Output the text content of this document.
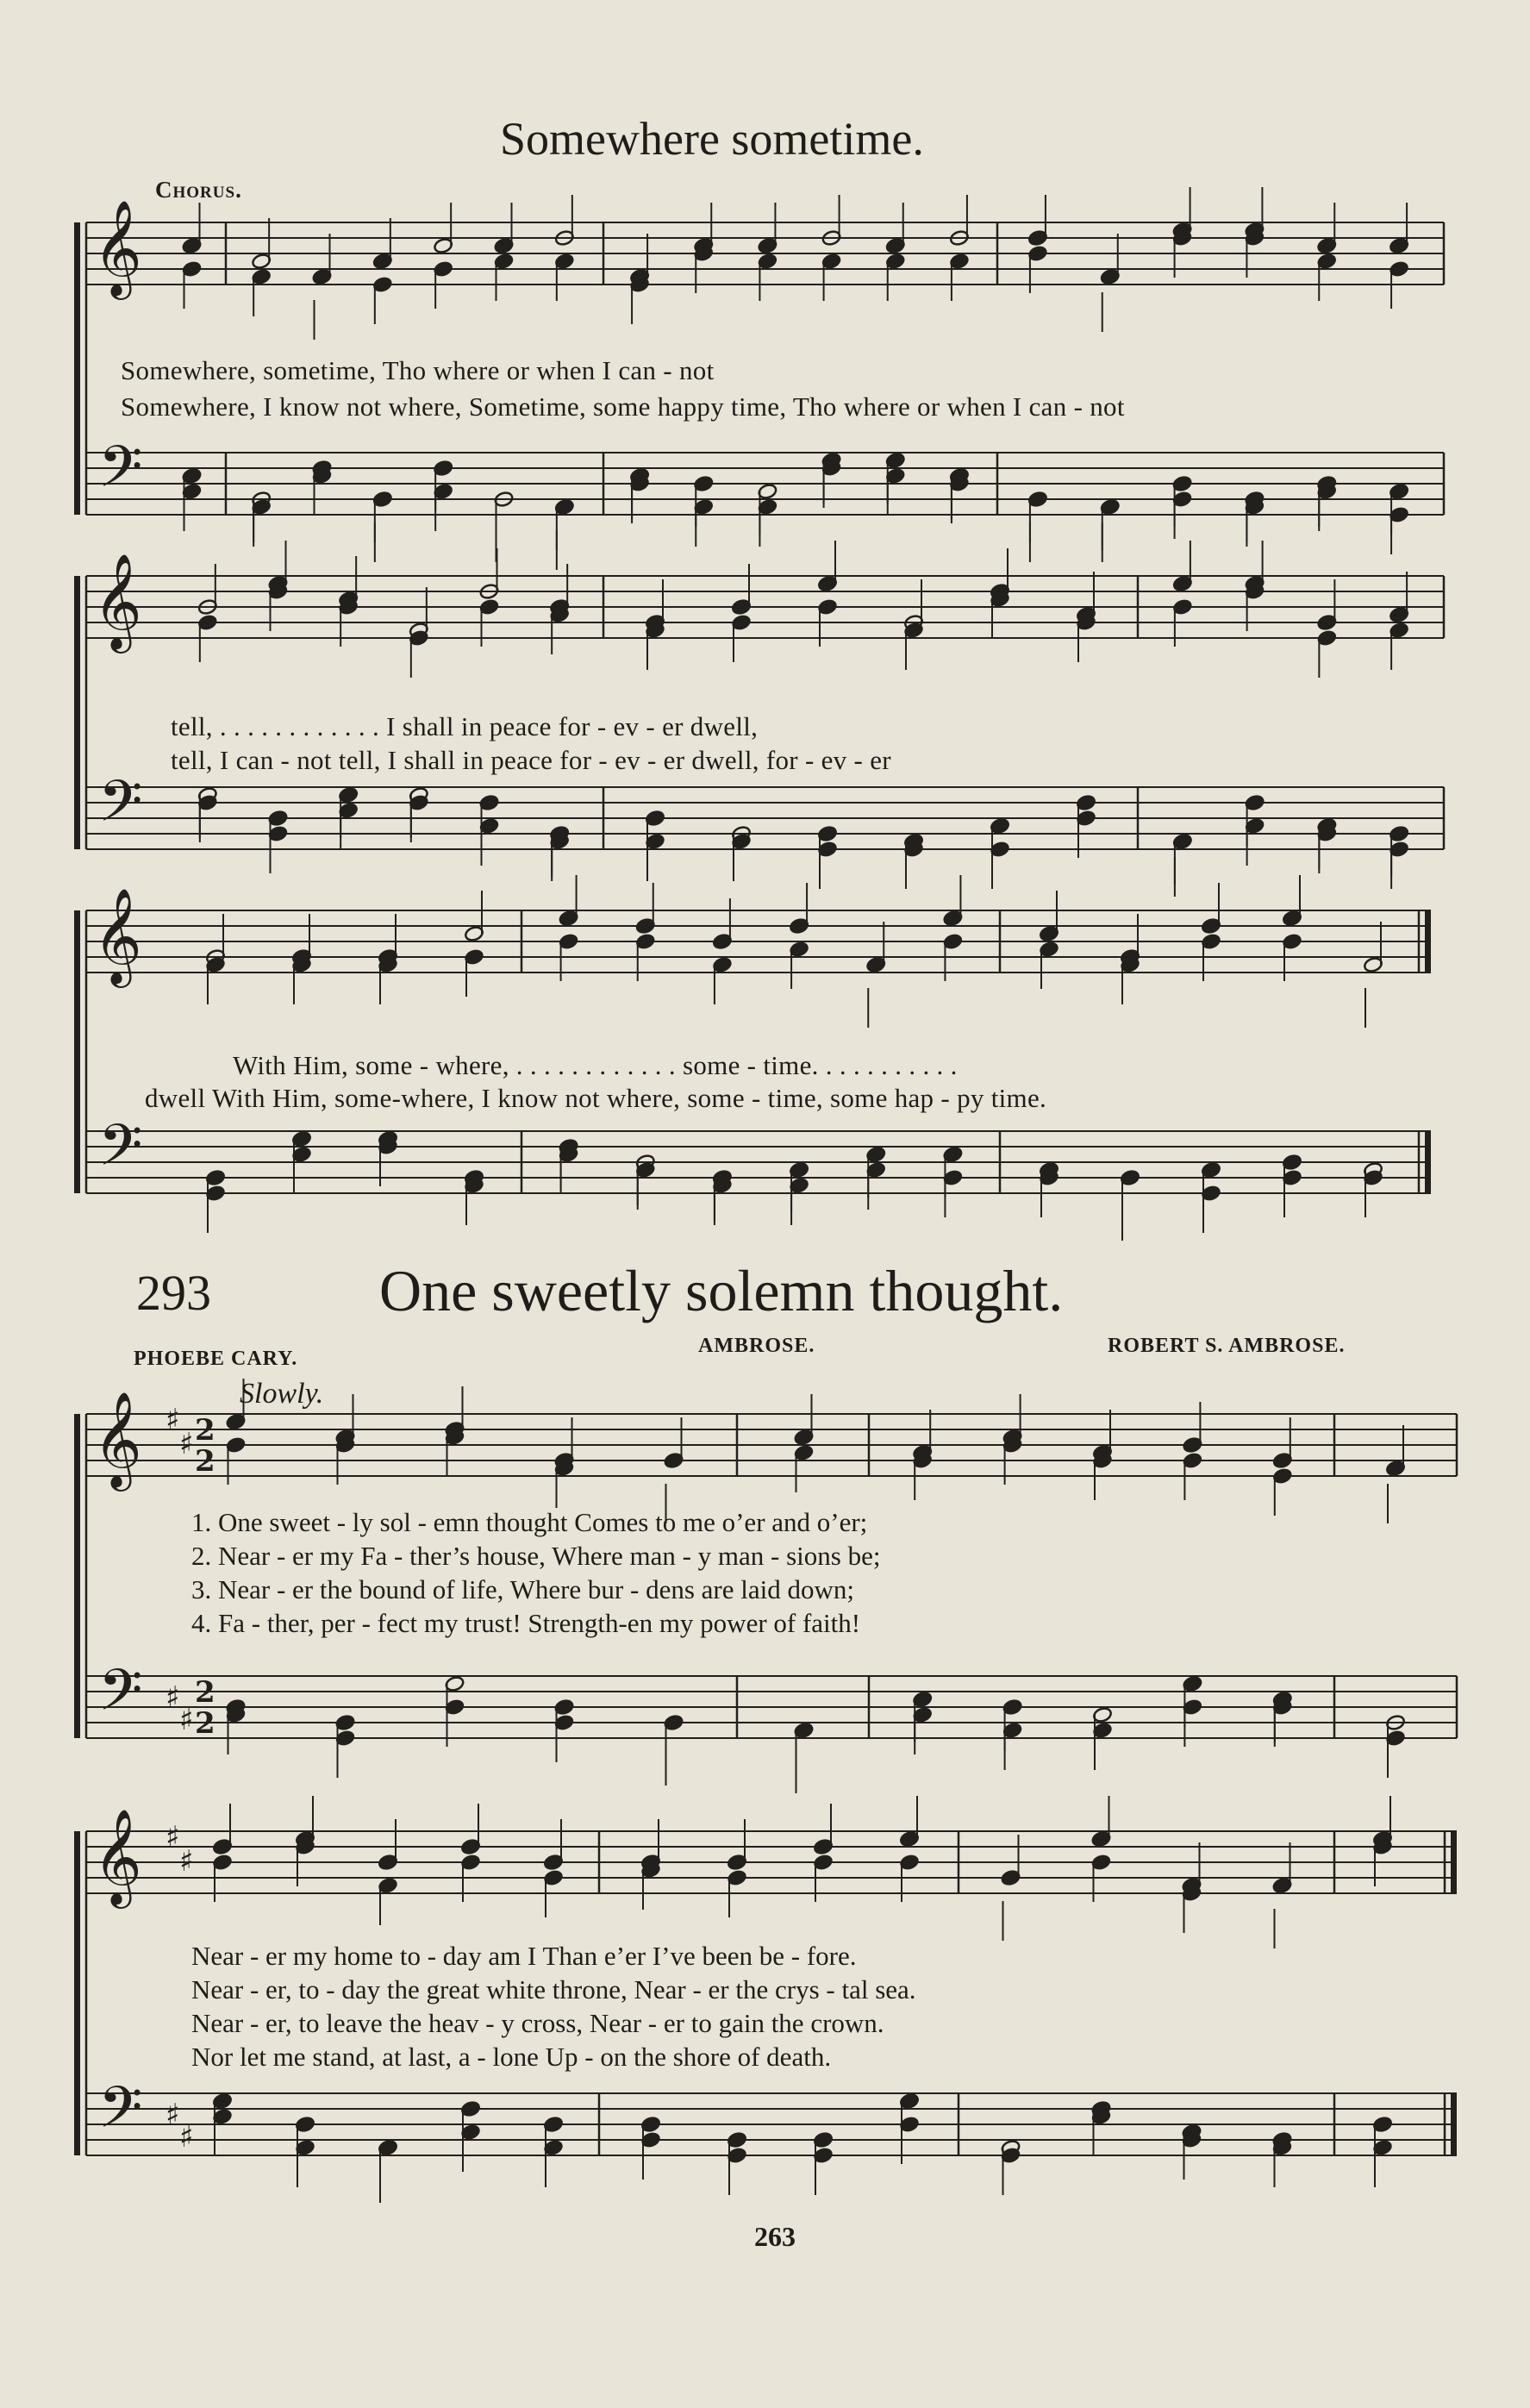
Somewhere sometime.
Chorus.
𝄞
𝄢
𝄞
𝄢
𝄞
𝄢
𝄞
𝄢
𝄞
𝄢
♯
♯ 2
2
♯
♯
2
2
♯
♯
♯
♯
Somewhere, sometime, Tho where or when I can - not
Somewhere, I know not where, Sometime, some happy time, Tho where or when I can - not
tell, . . . . . . . . . . . . I shall in peace for - ev - er dwell,
tell, I can - not tell, I shall in peace for - ev - er dwell, for - ev - er
With Him, some - where, . . . . . . . . . . . . some - time. . . . . . . . . . .
dwell With Him, some-where, I know not where, some - time, some hap - py time.
293	One sweetly solemn thought.
PHOEBE CARY.
AMBROSE.	ROBERT S. AMBROSE.
Slowly.
1. One sweet - ly sol - emn thought Comes to me o’er and o’er;
2. Near - er my Fa - ther’s house, Where man - y man - sions be;
3. Near - er the bound of life, Where bur - dens are laid down;
4. Fa - ther, per - fect my trust! Strength-en my power of faith!
Near - er my home to - day am I Than e’er I’ve been be - fore.
Near - er, to - day the great white throne, Near - er the crys - tal sea.
Near - er, to leave the heav - y cross, Near - er to gain the crown.
Nor let me stand, at last, a - lone Up - on the shore of death.
263
